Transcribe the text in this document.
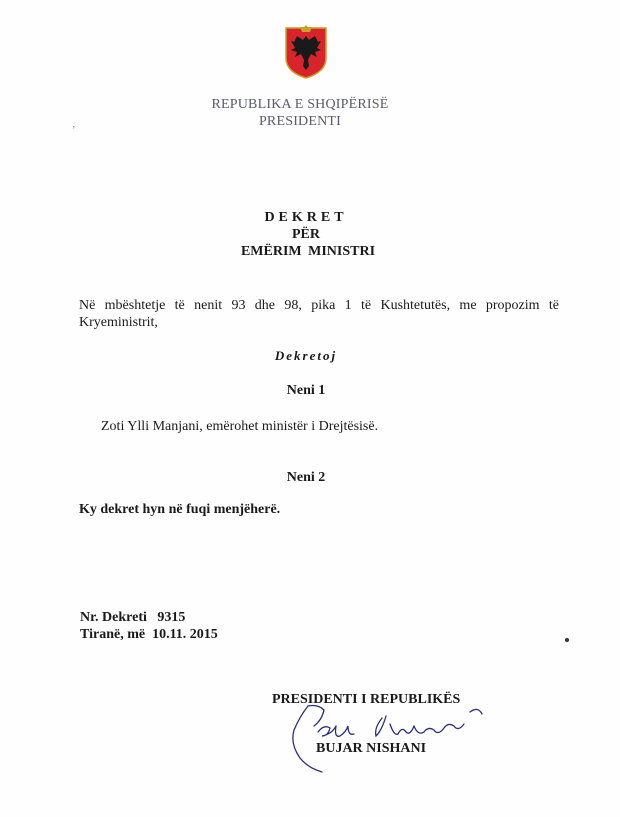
REPUBLIKA E SHQIPËRISË
PRESIDENTI
ʼ
DEKRET
PËR
EMËRIM MINISTRI
Në mbështetje të nenit 93 dhe 98, pika 1 të Kushtetutës, me propozim të Kryeministrit,
Dekretoj
Neni 1
Zoti Ylli Manjani, emërohet ministër i Drejtësisë.
Neni 2
Ky dekret hyn në fuqi menjëherë.
Nr. Dekreti   9315
Tiranë, më  10.11. 2015
PRESIDENTI I REPUBLIKËS
BUJAR NISHANI
